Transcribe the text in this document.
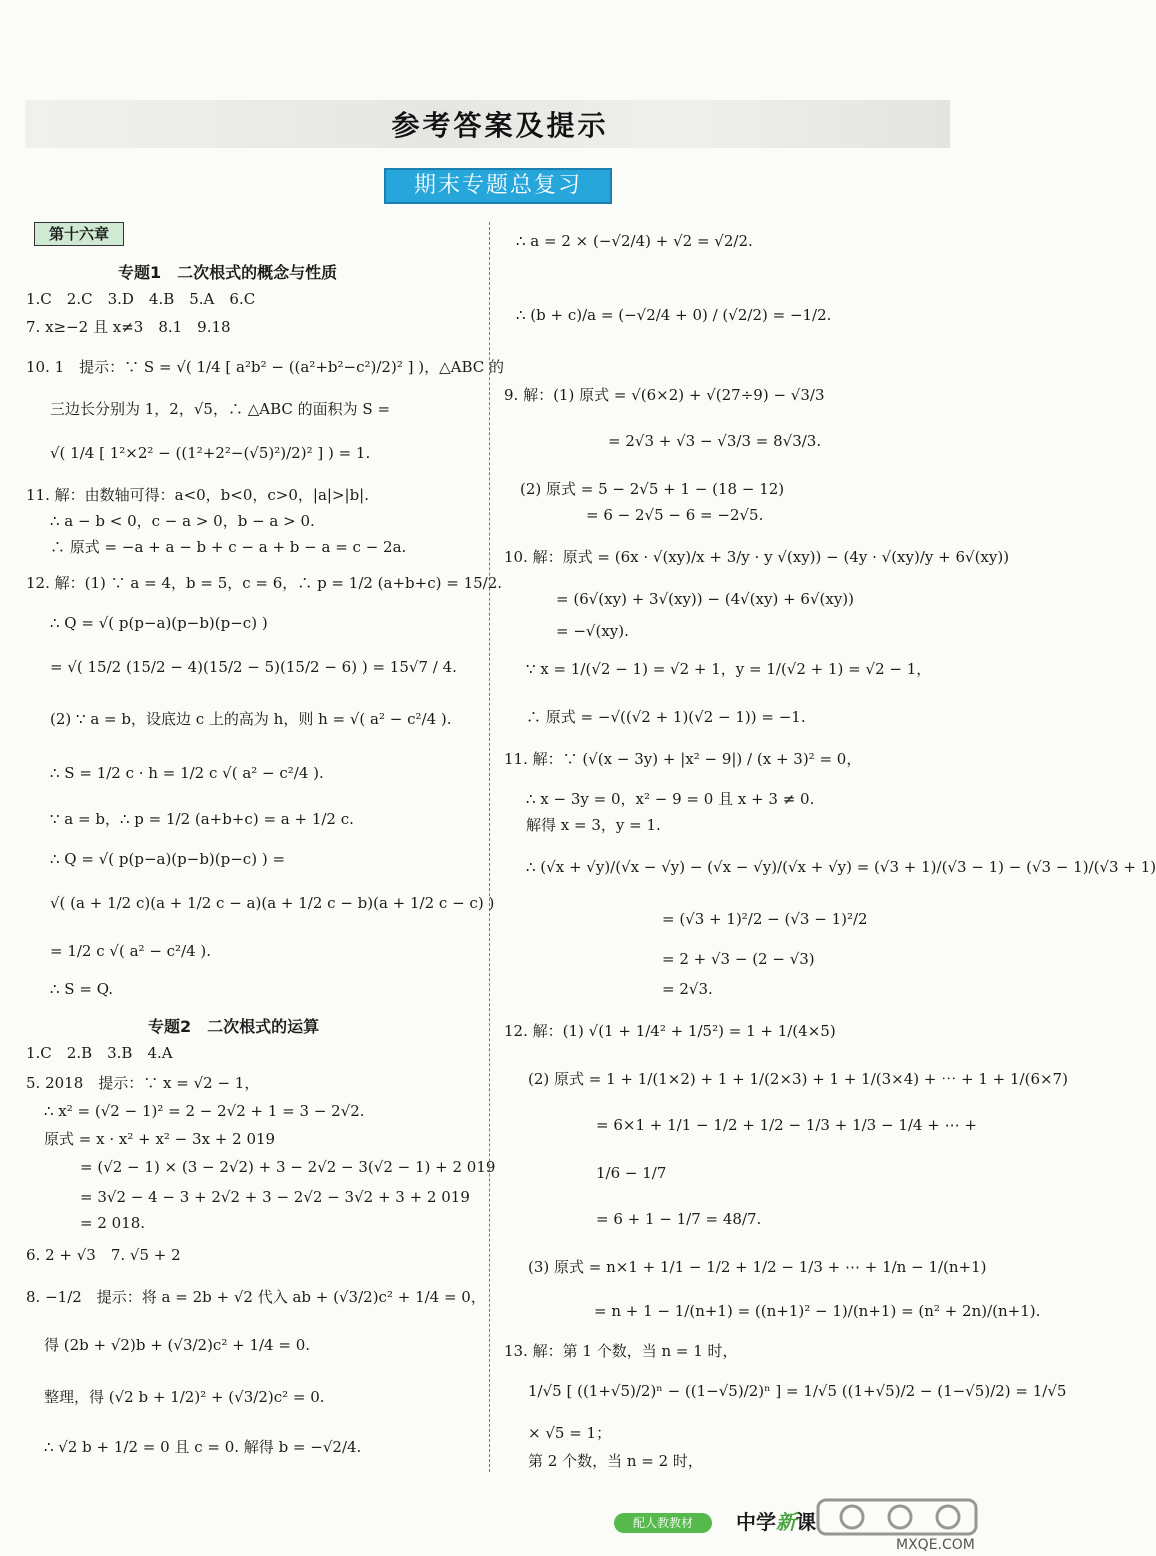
参考答案及提示
期末专题总复习
第十六章
专题1　二次根式的概念与性质
专题2　二次根式的运算
1.C　2.C　3.D　4.B　5.A　6.C
7. x≥−2 且 x≠3　8.1　9.18
10. 1　提示：∵ S = √( 1/4 [ a²b² − ((a²+b²−c²)/2)² ] )，△ABC 的
三边长分别为 1，2，√5，∴ △ABC 的面积为 S =
√( 1/4 [ 1²×2² − ((1²+2²−(√5)²)/2)² ] ) = 1.
11. 解：由数轴可得：a<0，b<0，c>0，|a|>|b|.
∴ a − b < 0，c − a > 0，b − a > 0.
∴ 原式 = −a + a − b + c − a + b − a = c − 2a.
12. 解：(1) ∵ a = 4，b = 5，c = 6，∴ p = 1/2 (a+b+c) = 15/2.
∴ Q = √( p(p−a)(p−b)(p−c) )
= √( 15/2 (15/2 − 4)(15/2 − 5)(15/2 − 6) ) = 15√7 / 4.
(2) ∵ a = b，设底边 c 上的高为 h，则 h = √( a² − c²/4 ).
∴ S = 1/2 c · h = 1/2 c √( a² − c²/4 ).
∵ a = b，∴ p = 1/2 (a+b+c) = a + 1/2 c.
∴ Q = √( p(p−a)(p−b)(p−c) ) =
√( (a + 1/2 c)(a + 1/2 c − a)(a + 1/2 c − b)(a + 1/2 c − c) )
= 1/2 c √( a² − c²/4 ).
∴ S = Q.
1.C　2.B　3.B　4.A
5. 2018　提示：∵ x = √2 − 1，
∴ x² = (√2 − 1)² = 2 − 2√2 + 1 = 3 − 2√2.
原式 = x · x² + x² − 3x + 2 019
= (√2 − 1) × (3 − 2√2) + 3 − 2√2 − 3(√2 − 1) + 2 019
= 3√2 − 4 − 3 + 2√2 + 3 − 2√2 − 3√2 + 3 + 2 019
= 2 018.
6. 2 + √3　7. √5 + 2
8. −1/2　提示：将 a = 2b + √2 代入 ab + (√3/2)c² + 1/4 = 0，
得 (2b + √2)b + (√3/2)c² + 1/4 = 0.
整理，得 (√2 b + 1/2)² + (√3/2)c² = 0.
∴ √2 b + 1/2 = 0 且 c = 0. 解得 b = −√2/4.
∴ a = 2 × (−√2/4) + √2 = √2/2.
∴ (b + c)/a = (−√2/4 + 0) / (√2/2) = −1/2.
9. 解：(1) 原式 = √(6×2) + √(27÷9) − √3/3
= 2√3 + √3 − √3/3 = 8√3/3.
(2) 原式 = 5 − 2√5 + 1 − (18 − 12)
= 6 − 2√5 − 6 = −2√5.
10. 解：原式 = (6x · √(xy)/x + 3/y · y √(xy)) − (4y · √(xy)/y + 6√(xy))
= (6√(xy) + 3√(xy)) − (4√(xy) + 6√(xy))
= −√(xy).
∵ x = 1/(√2 − 1) = √2 + 1，y = 1/(√2 + 1) = √2 − 1，
∴ 原式 = −√((√2 + 1)(√2 − 1)) = −1.
11. 解：∵ (√(x − 3y) + |x² − 9|) / (x + 3)² = 0，
∴ x − 3y = 0，x² − 9 = 0 且 x + 3 ≠ 0.
解得 x = 3，y = 1.
∴ (√x + √y)/(√x − √y) − (√x − √y)/(√x + √y) = (√3 + 1)/(√3 − 1) − (√3 − 1)/(√3 + 1)
= (√3 + 1)²/2 − (√3 − 1)²/2
= 2 + √3 − (2 − √3)
= 2√3.
12. 解：(1) √(1 + 1/4² + 1/5²) = 1 + 1/(4×5)
(2) 原式 = 1 + 1/(1×2) + 1 + 1/(2×3) + 1 + 1/(3×4) + ⋯ + 1 + 1/(6×7)
= 6×1 + 1/1 − 1/2 + 1/2 − 1/3 + 1/3 − 1/4 + ⋯ +
1/6 − 1/7
= 6 + 1 − 1/7 = 48/7.
(3) 原式 = n×1 + 1/1 − 1/2 + 1/2 − 1/3 + ⋯ + 1/n − 1/(n+1)
= n + 1 − 1/(n+1) = ((n+1)² − 1)/(n+1) = (n² + 2n)/(n+1).
13. 解：第 1 个数，当 n = 1 时，
1/√5 [ ((1+√5)/2)ⁿ − ((1−√5)/2)ⁿ ] = 1/√5 ((1+√5)/2 − (1−√5)/2) = 1/√5
× √5 = 1；
第 2 个数，当 n = 2 时，
配人教教材	中学新课
MXQE.COM
